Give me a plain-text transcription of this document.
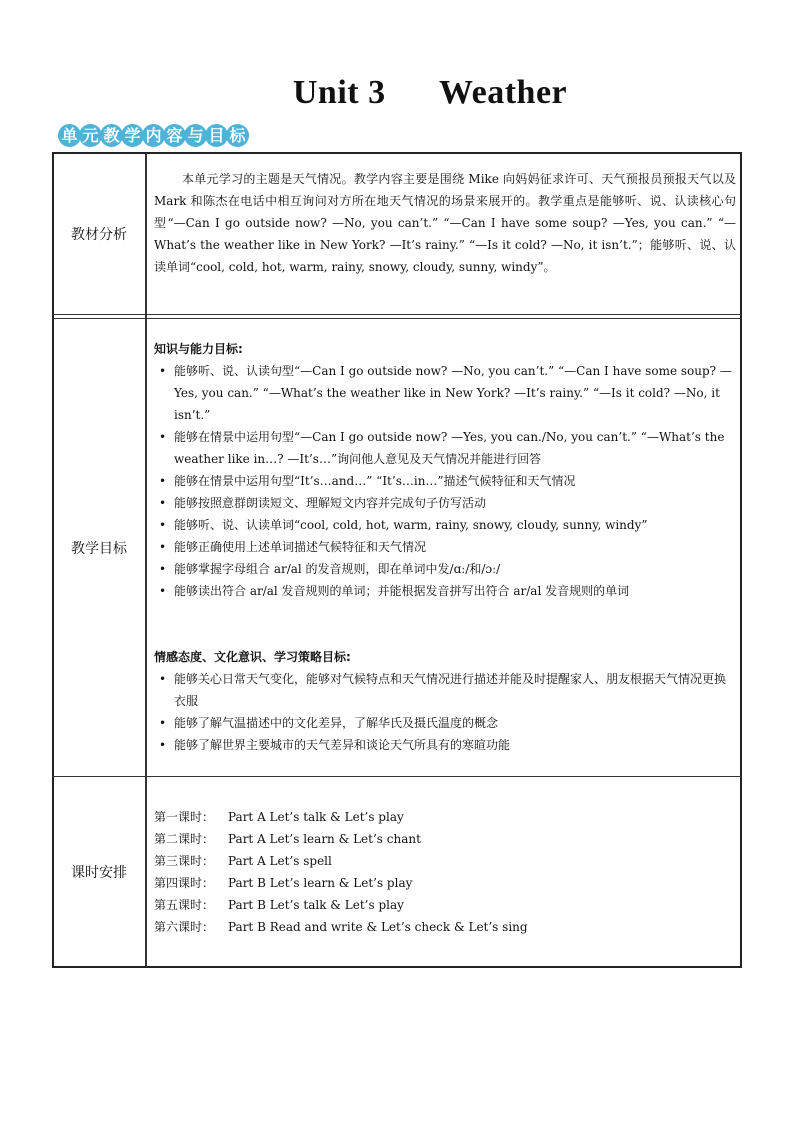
Unit 3      Weather
单 元 教 学 内 容 与 目 标
教材分析
本单元学习的主题是天气情况。教学内容主要是围绕 Mike 向妈妈征求许可、天气预报员预报天气以及 Mark 和陈杰在电话中相互询问对方所在地天气情况的场景来展开的。教学重点是能够听、说、认读核心句型“—Can I go outside now? —No, you can’t.” “—Can I have some soup? —Yes, you can.” “—What’s the weather like in New York? —It’s rainy.” “—Is it cold? —No, it isn’t.”；能够听、说、认读单词“cool, cold, hot, warm, rainy, snowy, cloudy, sunny, windy”。
教学目标

知识与能力目标:

• 能够听、说、认读句型“—Can I go outside now? —No, you can’t.” “—Can I have some soup? —Yes, you can.” “—What’s the weather like in New York? —It’s rainy.” “—Is it cold? —No, it isn’t.”
• 能够在情景中运用句型“—Can I go outside now? —Yes, you can./No, you can’t.” “—What’s the weather like in…? —It’s…”询问他人意见及天气情况并能进行回答
• 能够在情景中运用句型“It’s…and…” “It’s…in…”描述气候特征和天气情况
• 能够按照意群朗读短文、理解短文内容并完成句子仿写活动
• 能够听、说、认读单词“cool, cold, hot, warm, rainy, snowy, cloudy, sunny, windy”
• 能够正确使用上述单词描述气候特征和天气情况
• 能够掌握字母组合 ar/al 的发音规则，即在单词中发/ɑː/和/ɔː/
• 能够读出符合 ar/al 发音规则的单词；并能根据发音拼写出符合 ar/al 发音规则的单词

情感态度、文化意识、学习策略目标:

• 能够关心日常天气变化，能够对气候特点和天气情况进行描述并能及时提醒家人、朋友根据天气情况更换衣服
• 能够了解气温描述中的文化差异，了解华氏及摄氏温度的概念
• 能够了解世界主要城市的天气差异和谈论天气所具有的寒暄功能
课时安排
第一课时： Part A Let’s talk & Let’s play
第二课时： Part A Let’s learn & Let’s chant
第三课时： Part A Let’s spell
第四课时： Part B Let’s learn & Let’s play
第五课时： Part B Let’s talk & Let’s play
第六课时： Part B Read and write & Let’s check & Let’s sing
